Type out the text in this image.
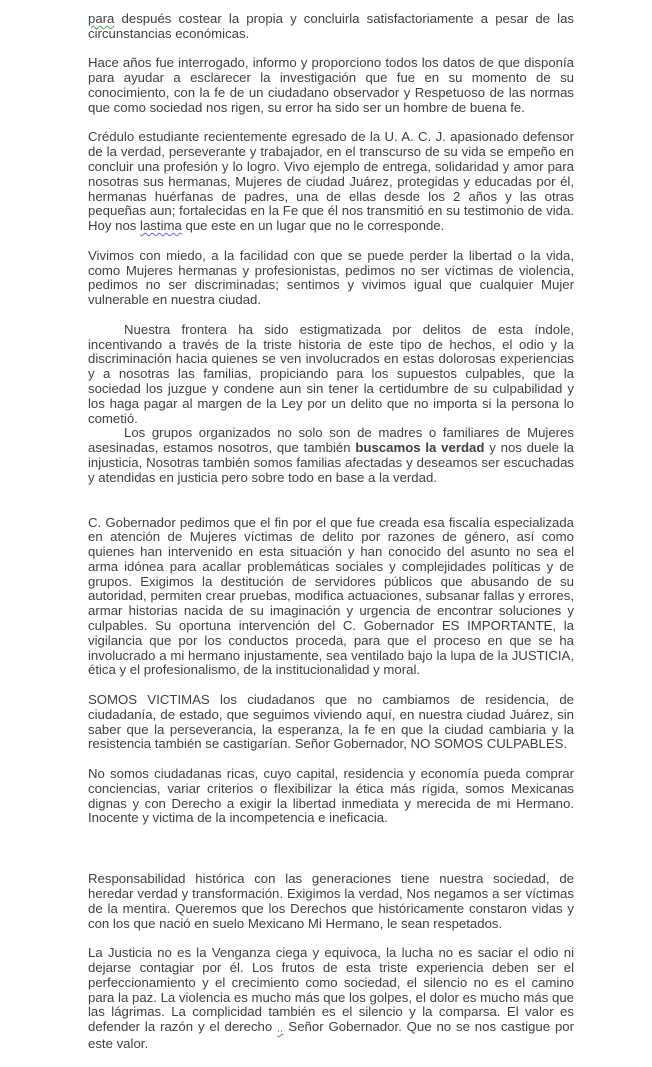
para después costear la propia y concluirla satisfactoriamente a pesar de las circunstancias económicas.

Hace años fue interrogado, informo y proporciono todos los datos de que disponía para ayudar a esclarecer la investigación que fue en su momento de su conocimiento, con la fe de un ciudadano observador y Respetuoso de las normas que como sociedad nos rigen, su error ha sido ser un hombre de buena fe.

Crédulo estudiante recientemente egresado de la U. A. C. J. apasionado defensor de la verdad, perseverante y trabajador, en el transcurso de su vida se empeño en concluir una profesión y lo logro. Vivo ejemplo de entrega, solidaridad y amor para nosotras sus hermanas, Mujeres de ciudad Juárez, protegidas y educadas por él, hermanas huérfanas de padres, una de ellas desde los 2 años y las otras pequeñas aun; fortalecidas en la Fe que él nos transmitió en su testimonio de vida. Hoy nos lastima que este en un lugar que no le corresponde.

Vivimos con miedo, a la facilidad con que se puede perder la libertad o la vida, como Mujeres hermanas y profesionistas, pedimos no ser víctimas de violencia, pedimos no ser discriminadas; sentimos y vivimos igual que cualquier Mujer vulnerable en nuestra ciudad.

Nuestra frontera ha sido estigmatizada por delitos de esta índole, incentivando a través de la triste historia de este tipo de hechos, el odio y la discriminación hacia quienes se ven involucrados en estas dolorosas experiencias y a nosotras las familias, propiciando para los supuestos culpables, que la sociedad los juzgue y condene aun sin tener la certidumbre de su culpabilidad y los haga pagar al margen de la Ley por un delito que no importa si la persona lo cometió.

Los grupos organizados no solo son de madres o familiares de Mujeres asesinadas, estamos nosotros, que también buscamos la verdad y nos duele la injusticia, Nosotras también somos familias afectadas y deseamos ser escuchadas y atendidas en justicia pero sobre todo en base a la verdad.

C. Gobernador pedimos que el fin por el que fue creada esa fiscalía especializada en atención de Mujeres víctimas de delito por razones de género, así como quienes han intervenido en esta situación y han conocido del asunto no sea el arma idónea para acallar problemáticas sociales y complejidades políticas y de grupos. Exigimos la destitución de servidores públicos que abusando de su autoridad, permiten crear pruebas, modifica actuaciones, subsanar fallas y errores, armar historias nacida de su imaginación y urgencia de encontrar soluciones y culpables. Su oportuna intervención del C. Gobernador ES IMPORTANTE, la vigilancia que por los conductos proceda, para que el proceso en que se ha involucrado a mi hermano injustamente, sea ventilado bajo la lupa de la JUSTICIA, ética y el profesionalismo, de la institucionalidad y moral.

SOMOS VICTIMAS los ciudadanos que no cambiamos de residencia, de ciudadanía, de estado, que seguimos viviendo aquí, en nuestra ciudad Juárez, sin saber que la perseverancia, la esperanza, la fe en que la ciudad cambiaria y la resistencia también se castigarían. Señor Gobernador, NO SOMOS CULPABLES.

No somos ciudadanas ricas, cuyo capital, residencia y economía pueda comprar conciencias, variar criterios o flexibilizar la ética más rígida, somos Mexicanas dignas y con Derecho a exigir la libertad inmediata y merecida de mi Hermano. Inocente y victima de la incompetencia e ineficacia.

Responsabilidad histórica con las generaciones tiene nuestra sociedad, de heredar verdad y transformación. Exigimos la verdad, Nos negamos a ser víctimas de la mentira. Queremos que los Derechos que históricamente constaron vidas y con los que nació en suelo Mexicano Mi Hermano, le sean respetados.

La Justicia no es la Venganza ciega y equivoca, la lucha no es saciar el odio ni dejarse contagiar por él. Los frutos de esta triste experiencia deben ser el perfeccionamiento y el crecimiento como sociedad, el silencio no es el camino para la paz. La violencia es mucho más que los golpes, el dolor es mucho más que las lágrimas. La complicidad también es el silencio y la comparsa. El valor es defender la razón y el derecho ,, Señor Gobernador. Que no se nos castigue por este valor.
